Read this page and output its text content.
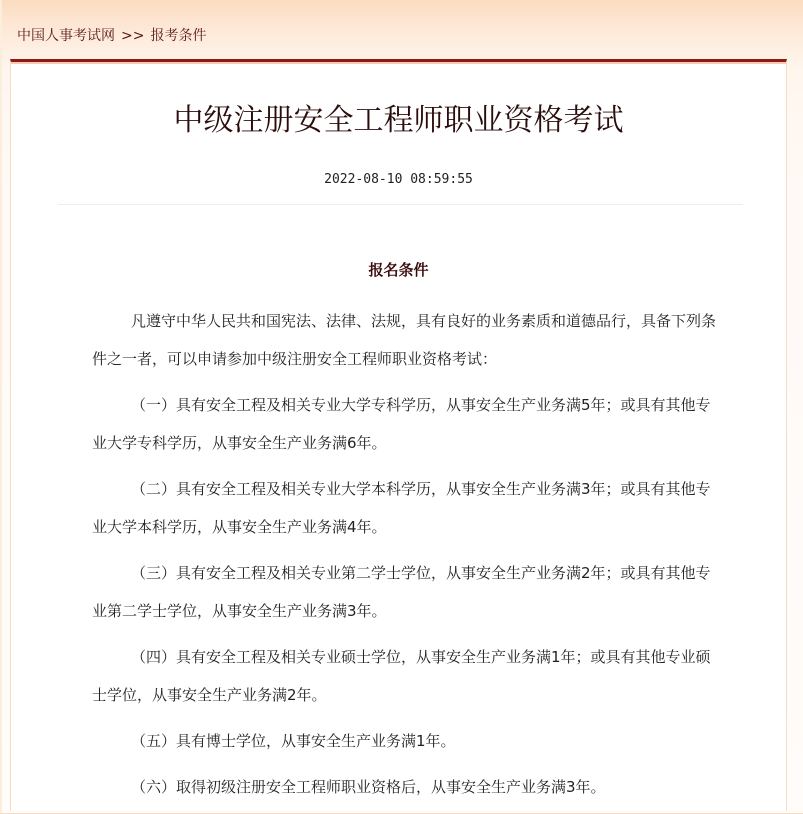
中国人事考试网 >> 报考条件
中级注册安全工程师职业资格考试
2022-08-10 08:59:55
报名条件

凡遵守中华人民共和国宪法、法律、法规，具有良好的业务素质和道德品行，具备下列条件之一者，可以申请参加中级注册安全工程师职业资格考试：

（一）具有安全工程及相关专业大学专科学历，从事安全生产业务满5年；或具有其他专业大学专科学历，从事安全生产业务满6年。

（二）具有安全工程及相关专业大学本科学历，从事安全生产业务满3年；或具有其他专业大学本科学历，从事安全生产业务满4年。

（三）具有安全工程及相关专业第二学士学位，从事安全生产业务满2年；或具有其他专业第二学士学位，从事安全生产业务满3年。

（四）具有安全工程及相关专业硕士学位，从事安全生产业务满1年；或具有其他专业硕士学位，从事安全生产业务满2年。

（五）具有博士学位，从事安全生产业务满1年。

（六）取得初级注册安全工程师职业资格后，从事安全生产业务满3年。
